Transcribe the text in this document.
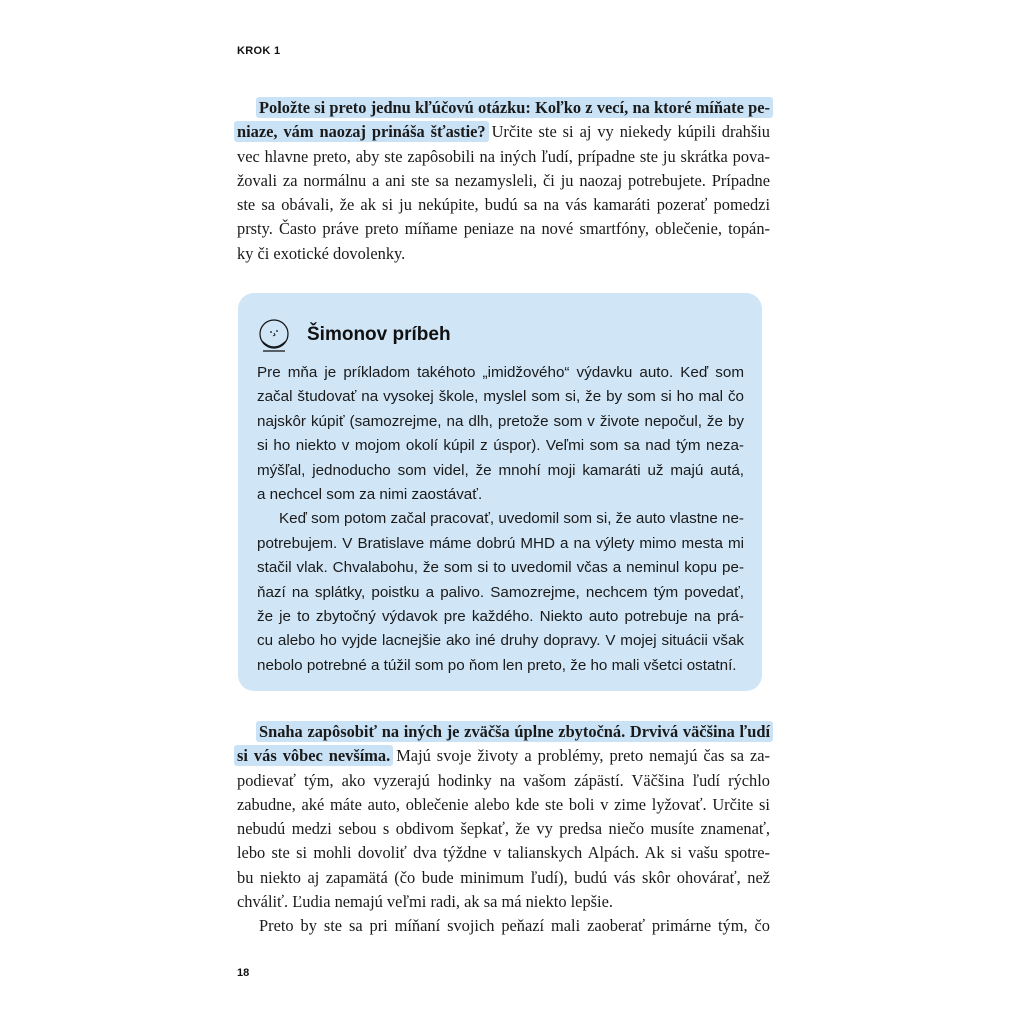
KROK 1
Položte si preto jednu kľúčovú otázku: Koľko z vecí, na ktoré míňate pe-
niaze, vám naozaj prináša šťastie? Určite ste si aj vy niekedy kúpili drahšiu
vec hlavne preto, aby ste zapôsobili na iných ľudí, prípadne ste ju skrátka pova-
žovali za normálnu a ani ste sa nezamysleli, či ju naozaj potrebujete. Prípadne
ste sa obávali, že ak si ju nekúpite, budú sa na vás kamaráti pozerať pomedzi
prsty. Často práve preto míňame peniaze na nové smartfóny, oblečenie, topán-
ky či exotické dovolenky.
Šimonov príbeh
Pre mňa je príkladom takéhoto „imidžového“ výdavku auto. Keď som
začal študovať na vysokej škole, myslel som si, že by som si ho mal čo
najskôr kúpiť (samozrejme, na dlh, pretože som v živote nepočul, že by
si ho niekto v mojom okolí kúpil z úspor). Veľmi som sa nad tým neza-
mýšľal, jednoducho som videl, že mnohí moji kamaráti už majú autá,
a nechcel som za nimi zaostávať.
Keď som potom začal pracovať, uvedomil som si, že auto vlastne ne-
potrebujem. V Bratislave máme dobrú MHD a na výlety mimo mesta mi
stačil vlak. Chvalabohu, že som si to uvedomil včas a neminul kopu pe-
ňazí na splátky, poistku a palivo. Samozrejme, nechcem tým povedať,
že je to zbytočný výdavok pre každého. Niekto auto potrebuje na prá-
cu alebo ho vyjde lacnejšie ako iné druhy dopravy. V mojej situácii však
nebolo potrebné a túžil som po ňom len preto, že ho mali všetci ostatní.
Snaha zapôsobiť na iných je zväčša úplne zbytočná. Drvivá väčšina ľudí
si vás vôbec nevšíma. Majú svoje životy a problémy, preto nemajú čas sa za-
podievať tým, ako vyzerajú hodinky na vašom zápästí. Väčšina ľudí rýchlo
zabudne, aké máte auto, oblečenie alebo kde ste boli v zime lyžovať. Určite si
nebudú medzi sebou s obdivom šepkať, že vy predsa niečo musíte znamenať,
lebo ste si mohli dovoliť dva týždne v talianskych Alpách. Ak si vašu spotre-
bu niekto aj zapamätá (čo bude minimum ľudí), budú vás skôr ohovárať, než
chváliť. Ľudia nemajú veľmi radi, ak sa má niekto lepšie.
Preto by ste sa pri míňaní svojich peňazí mali zaoberať primárne tým, čo
18
